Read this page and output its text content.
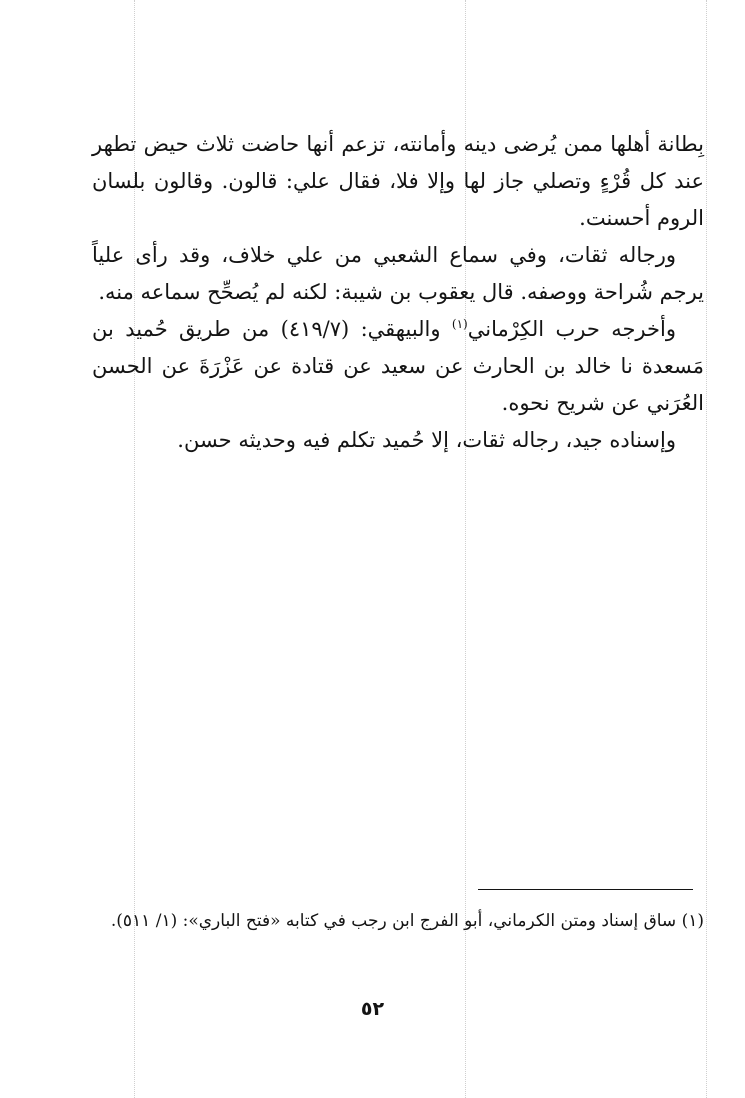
بِطانة أهلها ممن يُرضى دينه وأمانته، تزعم أنها حاضت ثلاث حيض تطهر عند كل قُرْءٍ وتصلي جاز لها وإلا فلا، فقال علي: قالون. وقالون بلسان الروم أحسنت.

ورجاله ثقات، وفي سماع الشعبي من علي خلاف، وقد رأى علياً يرجم شُراحة ووصفه. قال يعقوب بن شيبة: لكنه لم يُصحِّح سماعه منه.

وأخرجه حرب الكِرْماني$^{(١)}$ والبيهقي: (٤١٩/٧) من طريق حُميد بن مَسعدة نا خالد بن الحارث عن سعيد عن قتادة عن عَزْرَةَ عن الحسن العُرَني عن شريح نحوه.

وإسناده جيد، رجاله ثقات، إلا حُميد تكلم فيه وحديثه حسن.

(١) ساق إسناد ومتن الكرماني، أبو الفرج ابن رجب في كتابه «فتح الباري»: (١/ ٥١١).

٥٢
